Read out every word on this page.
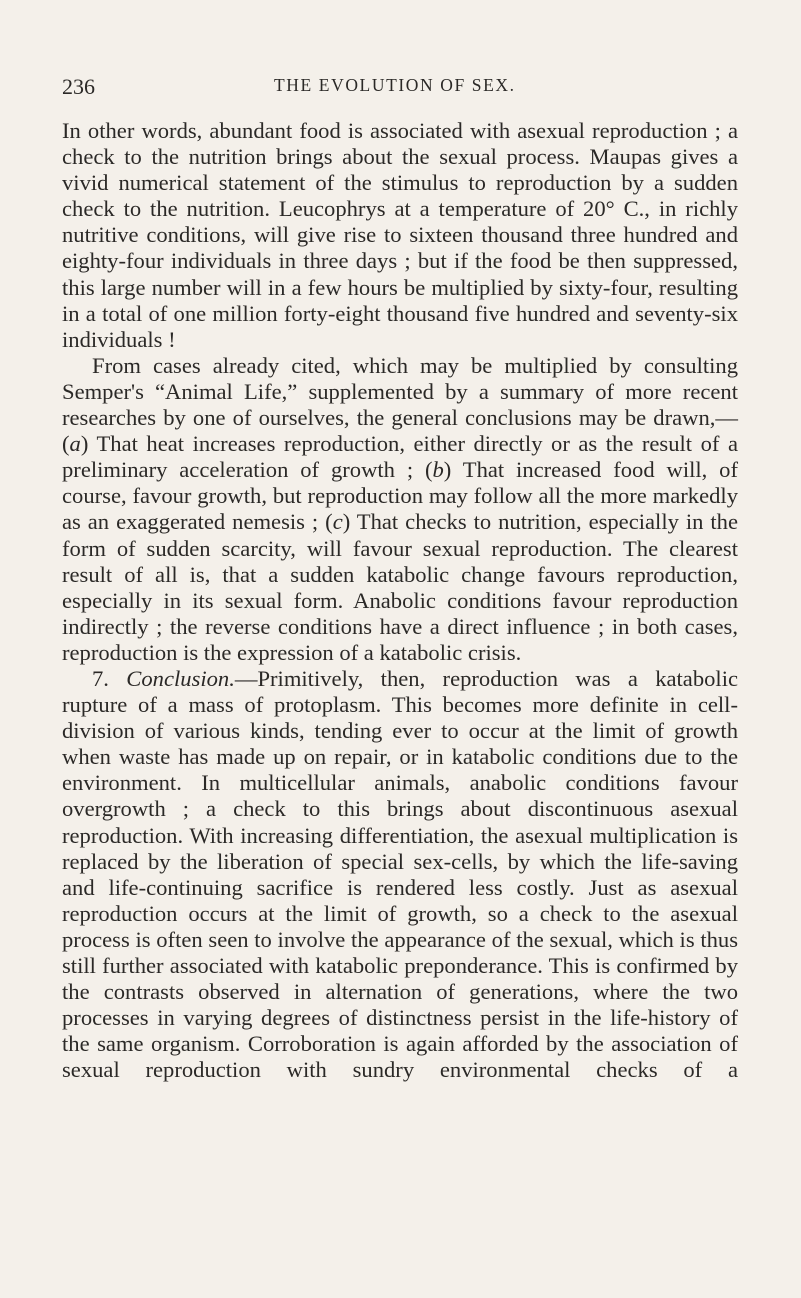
236	THE EVOLUTION OF SEX.

In other words, abundant food is associated with asexual reproduction ; a check to the nutrition brings about the sexual process. Maupas gives a vivid numerical statement of the stimulus to reproduction by a sudden check to the nutrition. Leucophrys at a temperature of 20° C., in richly nutritive conditions, will give rise to sixteen thousand three hundred and eighty-four individuals in three days ; but if the food be then suppressed, this large number will in a few hours be multiplied by sixty-four, resulting in a total of one million forty-eight thousand five hundred and seventy-six individuals !

From cases already cited, which may be multiplied by consulting Semper's “Animal Life,” supplemented by a summary of more recent researches by one of ourselves, the general conclusions may be drawn,—(a) That heat increases reproduction, either directly or as the result of a preliminary acceleration of growth ; (b) That increased food will, of course, favour growth, but reproduction may follow all the more markedly as an exaggerated nemesis ; (c) That checks to nutrition, especially in the form of sudden scarcity, will favour sexual reproduction. The clearest result of all is, that a sudden katabolic change favours reproduction, especially in its sexual form. Anabolic conditions favour reproduction indirectly ; the reverse conditions have a direct influence ; in both cases, reproduction is the expression of a katabolic crisis.

7. Conclusion.—Primitively, then, reproduction was a katabolic rupture of a mass of protoplasm. This becomes more definite in cell-division of various kinds, tending ever to occur at the limit of growth when waste has made up on repair, or in katabolic conditions due to the environment. In multicellular animals, anabolic conditions favour overgrowth ; a check to this brings about discontinuous asexual reproduction. With increasing differentiation, the asexual multiplication is replaced by the liberation of special sex-cells, by which the life-saving and life-continuing sacrifice is rendered less costly. Just as asexual reproduction occurs at the limit of growth, so a check to the asexual process is often seen to involve the appearance of the sexual, which is thus still further associated with katabolic preponderance. This is confirmed by the contrasts observed in alternation of generations, where the two processes in varying degrees of distinctness persist in the life-history of the same organism. Corroboration is again afforded by the association of sexual reproduction with sundry environmental checks of a
